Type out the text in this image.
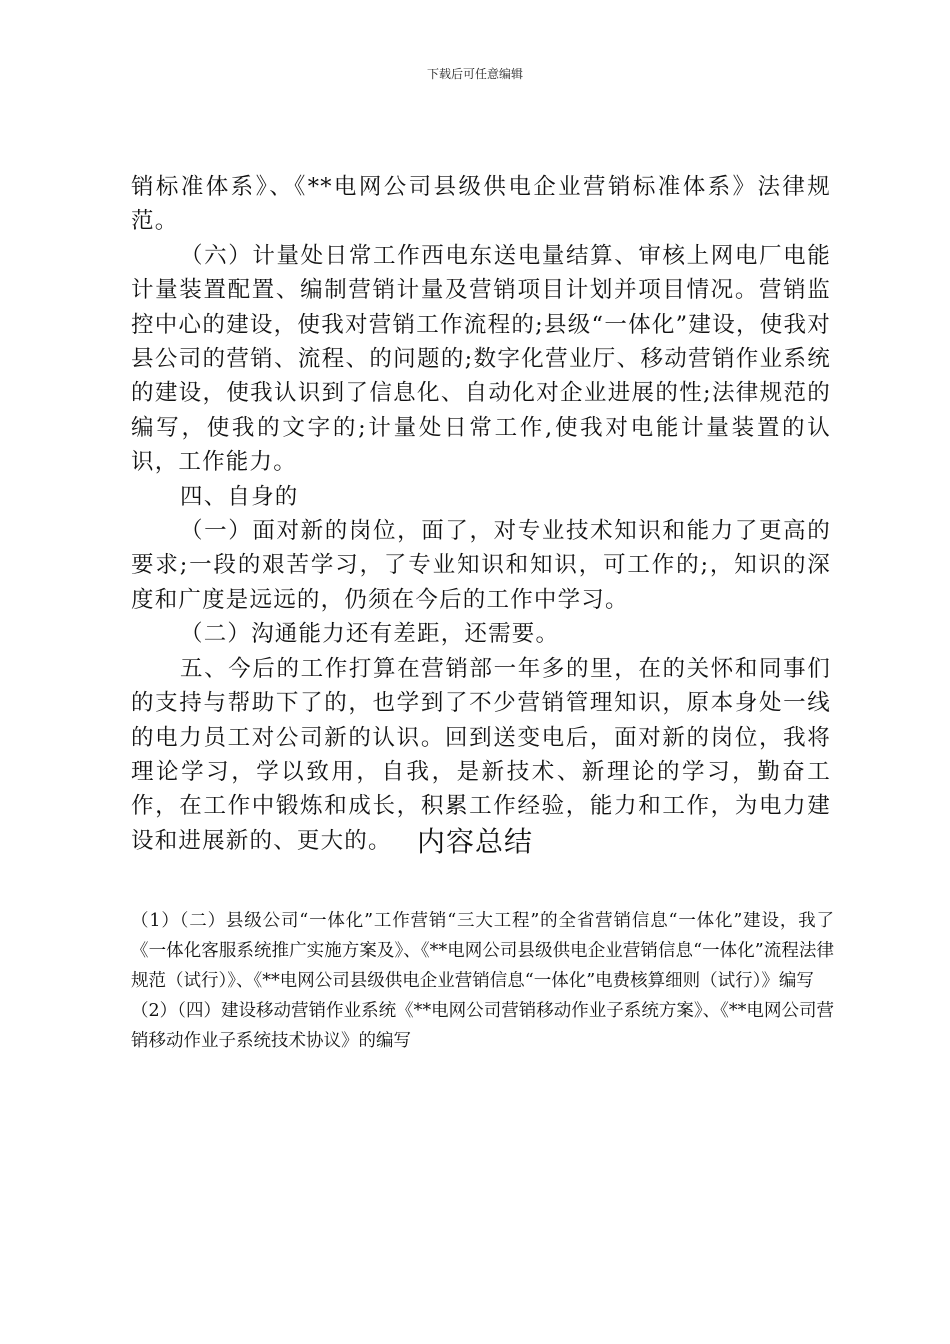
下载后可任意编辑

销标准体系》、《**电网公司县级供电企业营销标准体系》法律规范。

（六）计量处日常工作西电东送电量结算、审核上网电厂电能计量装置配置、编制营销计量及营销项目计划并项目情况。营销监控中心的建设，使我对营销工作流程的;县级“一体化”建设，使我对县公司的营销、流程、的问题的;数字化营业厅、移动营销作业系统的建设，使我认识到了信息化、自动化对企业进展的性;法律规范的编写，使我的文字的;计量处日常工作,使我对电能计量装置的认识，工作能力。

四、自身的

（一）面对新的岗位，面了，对专业技术知识和能力了更高的要求;一段的艰苦学习，了专业知识和知识，可工作的;，知识的深度和广度是远远的，仍须在今后的工作中学习。

（二）沟通能力还有差距，还需要。

五、今后的工作打算在营销部一年多的里，在的关怀和同事们的支持与帮助下了的，也学到了不少营销管理知识，原本身处一线的电力员工对公司新的认识。回到送变电后，面对新的岗位，我将理论学习，学以致用，自我，是新技术、新理论的学习，勤奋工作，在工作中锻炼和成长，积累工作经验，能力和工作，为电力建设和进展新的、更大的。 内容总结

（1）（二）县级公司“一体化”工作营销“三大工程”的全省营销信息“一体化”建设，我了《一体化客服系统推广实施方案及》、《**电网公司县级供电企业营销信息“一体化”流程法律规范（试行）》、《**电网公司县级供电企业营销信息“一体化”电费核算细则（试行）》编写

（2）（四）建设移动营销作业系统《**电网公司营销移动作业子系统方案》、《**电网公司营销移动作业子系统技术协议》的编写
